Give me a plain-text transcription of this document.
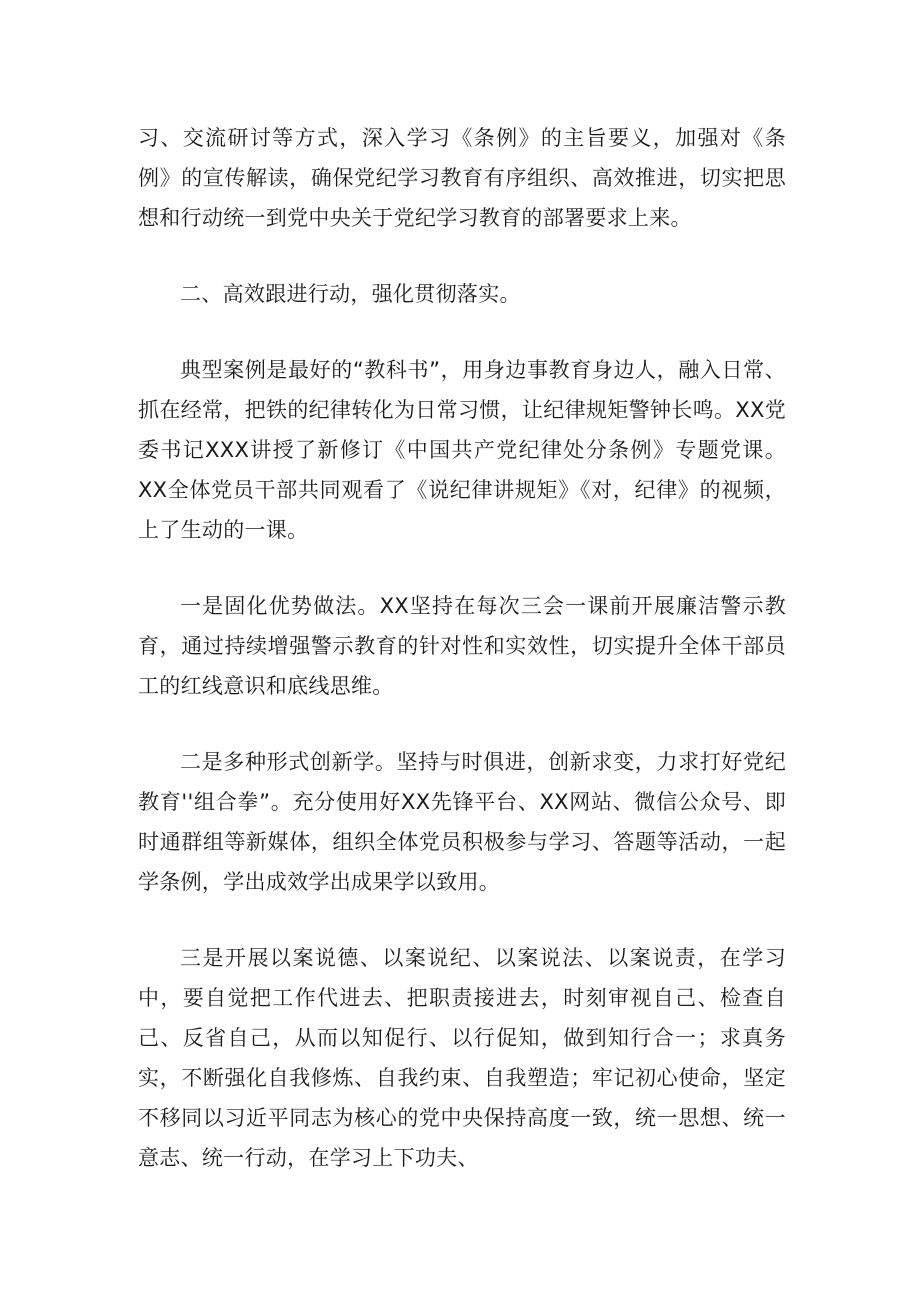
习、交流研讨等方式，深入学习《条例》的主旨要义，加强对《条例》的宣传解读，确保党纪学习教育有序组织、高效推进，切实把思想和行动统一到党中央关于党纪学习教育的部署要求上来。

二、高效跟进行动，强化贯彻落实。

典型案例是最好的“教科书”，用身边事教育身边人，融入日常、抓在经常，把铁的纪律转化为日常习惯，让纪律规矩警钟长鸣。XX党委书记XXX讲授了新修订《中国共产党纪律处分条例》专题党课。XX全体党员干部共同观看了《说纪律讲规矩》《对，纪律》的视频，上了生动的一课。

一是固化优势做法。XX坚持在每次三会一课前开展廉洁警示教育，通过持续增强警示教育的针对性和实效性，切实提升全体干部员工的红线意识和底线思维。

二是多种形式创新学。坚持与时俱进，创新求变，力求打好党纪教育''组合拳”。充分使用好XX先锋平台、XX网站、微信公众号、即时通群组等新媒体，组织全体党员积极参与学习、答题等活动，一起学条例，学出成效学出成果学以致用。

三是开展以案说德、以案说纪、以案说法、以案说责，在学习中，要自觉把工作代进去、把职责接进去，时刻审视自己、检查自己、反省自己，从而以知促行、以行促知，做到知行合一；求真务实，不断强化自我修炼、自我约束、自我塑造；牢记初心使命，坚定不移同以习近平同志为核心的党中央保持高度一致，统一思想、统一意志、统一行动，在学习上下功夫、
